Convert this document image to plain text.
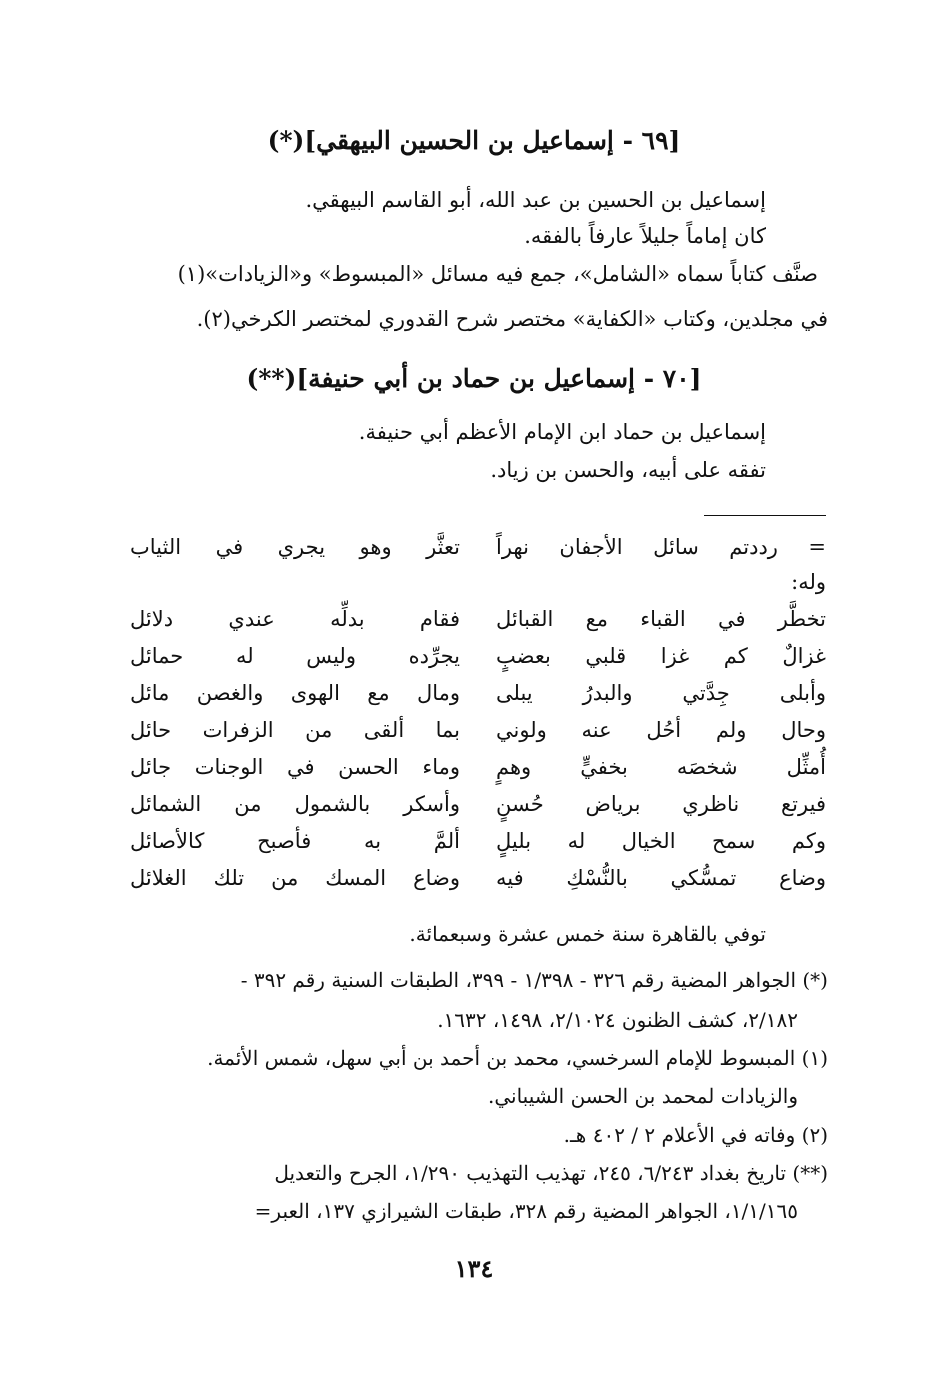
[٦٩ - إسماعيل بن الحسين البيهقي](*)
إسماعيل بن الحسين بن عبد الله، أبو القاسم البيهقي.
كان إماماً جليلاً عارفاً بالفقه.
صنَّف كتاباً سماه «الشامل»، جمع فيه مسائل «المبسوط» و«الزيادات»(١)
في مجلدين، وكتاب «الكفاية» مختصر شرح القدوري لمختصر الكرخي(٢).
[٧٠ - إسماعيل بن حماد بن أبي حنيفة](**)
إسماعيل بن حماد ابن الإمام الأعظم أبي حنيفة.
تفقه على أبيه، والحسن بن زياد.
= رددتم سائل الأجفان نهراً
تعثَّر وهو يجري في الثياب
وله:
تخطَّر في القباء مع القبائل
فقام بدلِّه عندي دلائل
غزالٌ كم غزا قلبي بعضبٍ
يجرِّده وليس له حمائل
وأبلى جِدَّتي والبدرُ يبلى
ومال مع الهوى والغصن مائل
وحال ولم أحُل عنه ولوني
بما ألقى من الزفرات حائل
أُمثِّل شخصَه بخفيٍّ وهمٍ
وماء الحسن في الوجنات جائل
فيرتع ناظري برياض حُسنٍ
وأسكر بالشمول من الشمائل
وكم سمح الخيال له بليلٍ
ألمَّ به فأصبح كالأصائل
وضاع تمسُّكي بالنُّسْكِ فيه
وضاع المسك من تلك الغلائل
توفي بالقاهرة سنة خمس عشرة وسبعمائة.
(*) الجواهر المضية رقم ٣٢٦ - ١/٣٩٨ - ٣٩٩، الطبقات السنية رقم ٣٩٢ -
٢/١٨٢، كشف الظنون ٢/١٠٢٤، ١٤٩٨، ١٦٣٢.
(١) المبسوط للإمام السرخسي، محمد بن أحمد بن أبي سهل، شمس الأئمة.
والزيادات لمحمد بن الحسن الشيباني.
(٢) وفاته في الأعلام ٢ / ٤٠٢ هـ.
(**) تاريخ بغداد ٦/٢٤٣، ٢٤٥، تهذيب التهذيب ١/٢٩٠، الجرح والتعديل
١/١/١٦٥، الجواهر المضية رقم ٣٢٨، طبقات الشيرازي ١٣٧، العبر=
١٣٤
